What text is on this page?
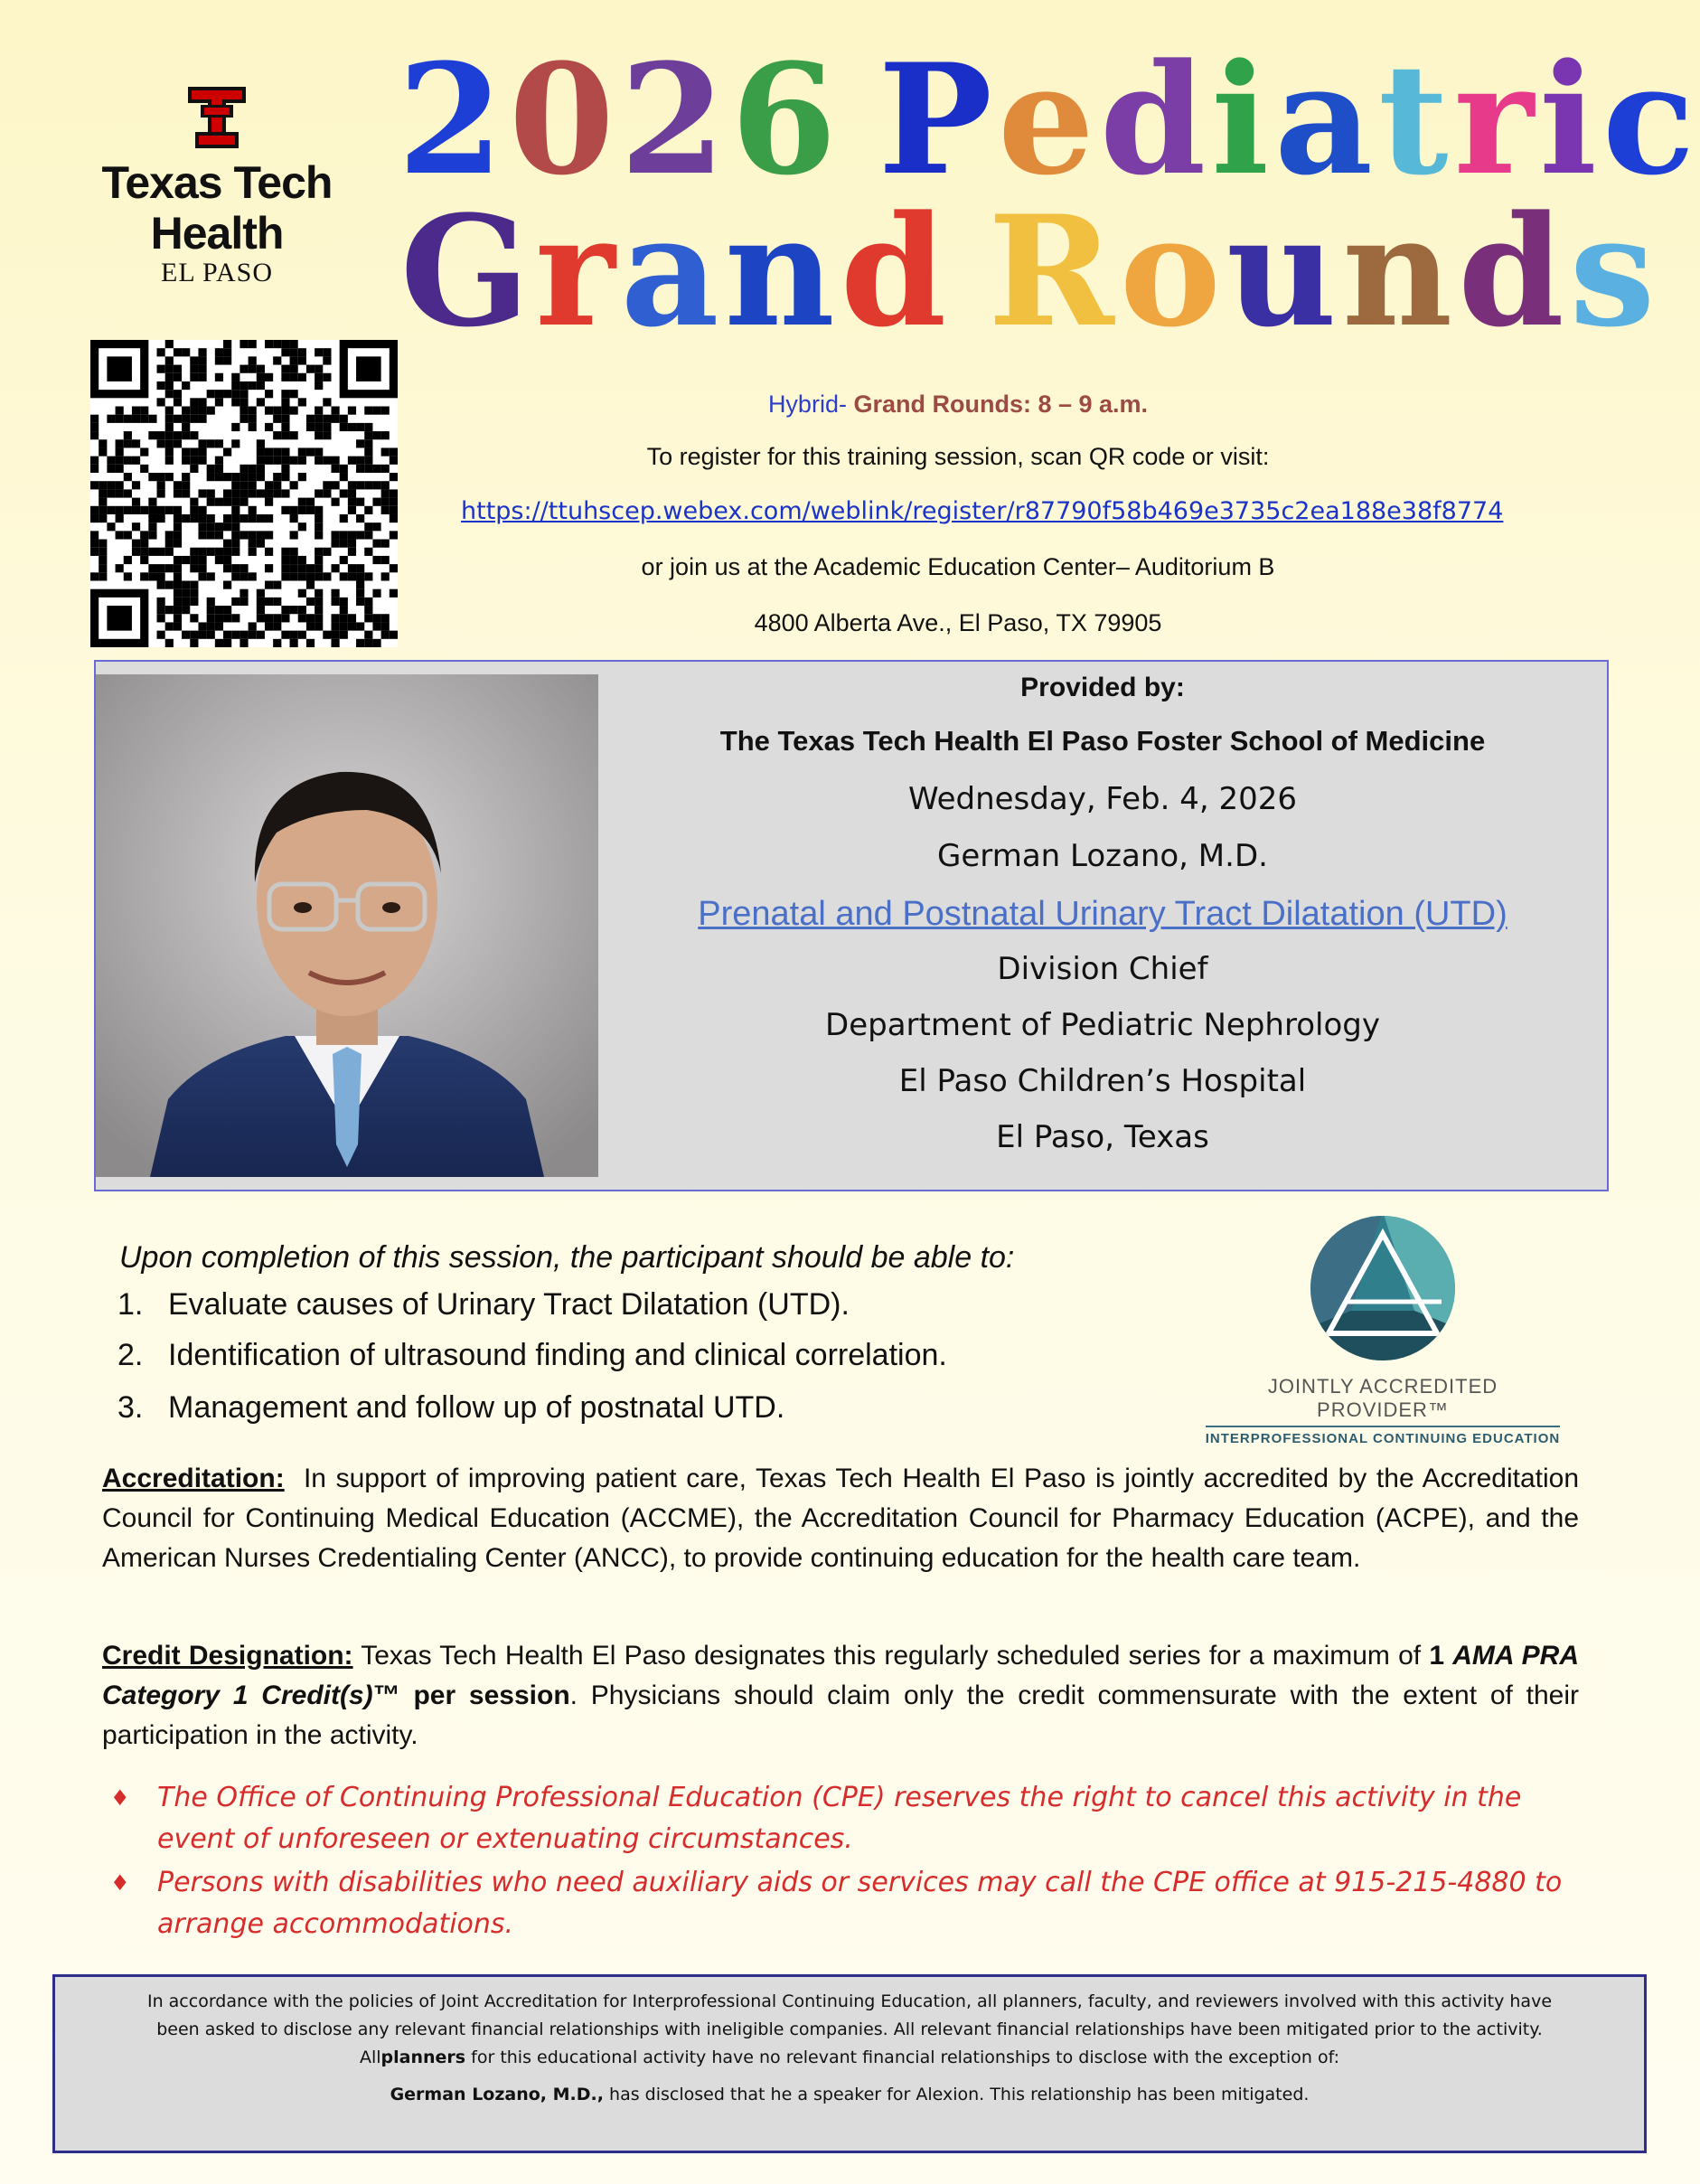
Texas Tech Health
EL PASO
2026 Pediatric
Grand Rounds
Hybrid- Grand Rounds: 8 – 9 a.m.
To register for this training session, scan QR code or visit:
https://ttuhscep.webex.com/weblink/register/r87790f58b469e3735c2ea188e38f8774
or join us at the Academic Education Center– Auditorium B
4800 Alberta Ave., El Paso, TX 79905
Provided by:
The Texas Tech Health El Paso Foster School of Medicine
Wednesday, Feb. 4, 2026
German Lozano, M.D.
Prenatal and Postnatal Urinary Tract Dilatation (UTD)
Division Chief
Department of Pediatric Nephrology
El Paso Children’s Hospital
El Paso, Texas
Upon completion of this session, the participant should be able to:
1. Evaluate causes of Urinary Tract Dilatation (UTD).
2. Identification of ultrasound finding and clinical correlation.
3. Management and follow up of postnatal UTD.
JOINTLY ACCREDITED PROVIDER™
INTERPROFESSIONAL CONTINUING EDUCATION
Accreditation: In support of improving patient care, Texas Tech Health El Paso is jointly accredited by the Accreditation Council for Continuing Medical Education (ACCME), the Accreditation Council for Pharmacy Education (ACPE), and the American Nurses Credentialing Center (ANCC), to provide continuing education for the health care team.
Credit Designation: Texas Tech Health El Paso designates this regularly scheduled series for a maximum of 1 AMA PRA Category 1 Credit(s)™ per session. Physicians should claim only the credit commensurate with the extent of their participation in the activity.
♦ The Office of Continuing Professional Education (CPE) reserves the right to cancel this activity in the event of unforeseen or extenuating circumstances.
♦ Persons with disabilities who need auxiliary aids or services may call the CPE office at 915-215-4880 to arrange accommodations.
In accordance with the policies of Joint Accreditation for Interprofessional Continuing Education, all planners, faculty, and reviewers involved with this activity have
been asked to disclose any relevant financial relationships with ineligible companies. All relevant financial relationships have been mitigated prior to the activity.
Allplanners for this educational activity have no relevant financial relationships to disclose with the exception of:
German Lozano, M.D., has disclosed that he a speaker for Alexion. This relationship has been mitigated.
